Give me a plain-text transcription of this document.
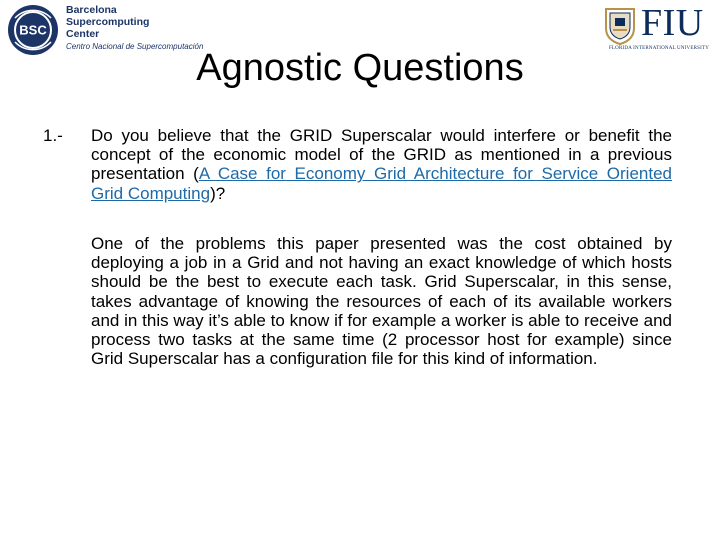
BSC
Barcelona
Supercomputing
Center
Centro Nacional de Supercomputación
FIU
FLORIDA INTERNATIONAL UNIVERSITY
Agnostic Questions
1.- Do you believe that the GRID Superscalar would interfere or benefit the concept of the economic model of the GRID as mentioned in a previous presentation (A Case for Economy Grid Architecture for Service Oriented Grid Computing)?

One of the problems this paper presented was the cost obtained by deploying a job in a Grid and not having an exact knowledge of which hosts should be the best to execute each task. Grid Superscalar, in this sense, takes advantage of knowing the resources of each of its available workers and in this way it’s able to know if for example a worker is able to receive and process two tasks at the same time (2 processor host for example) since Grid Superscalar has a configuration file for this kind of information.
